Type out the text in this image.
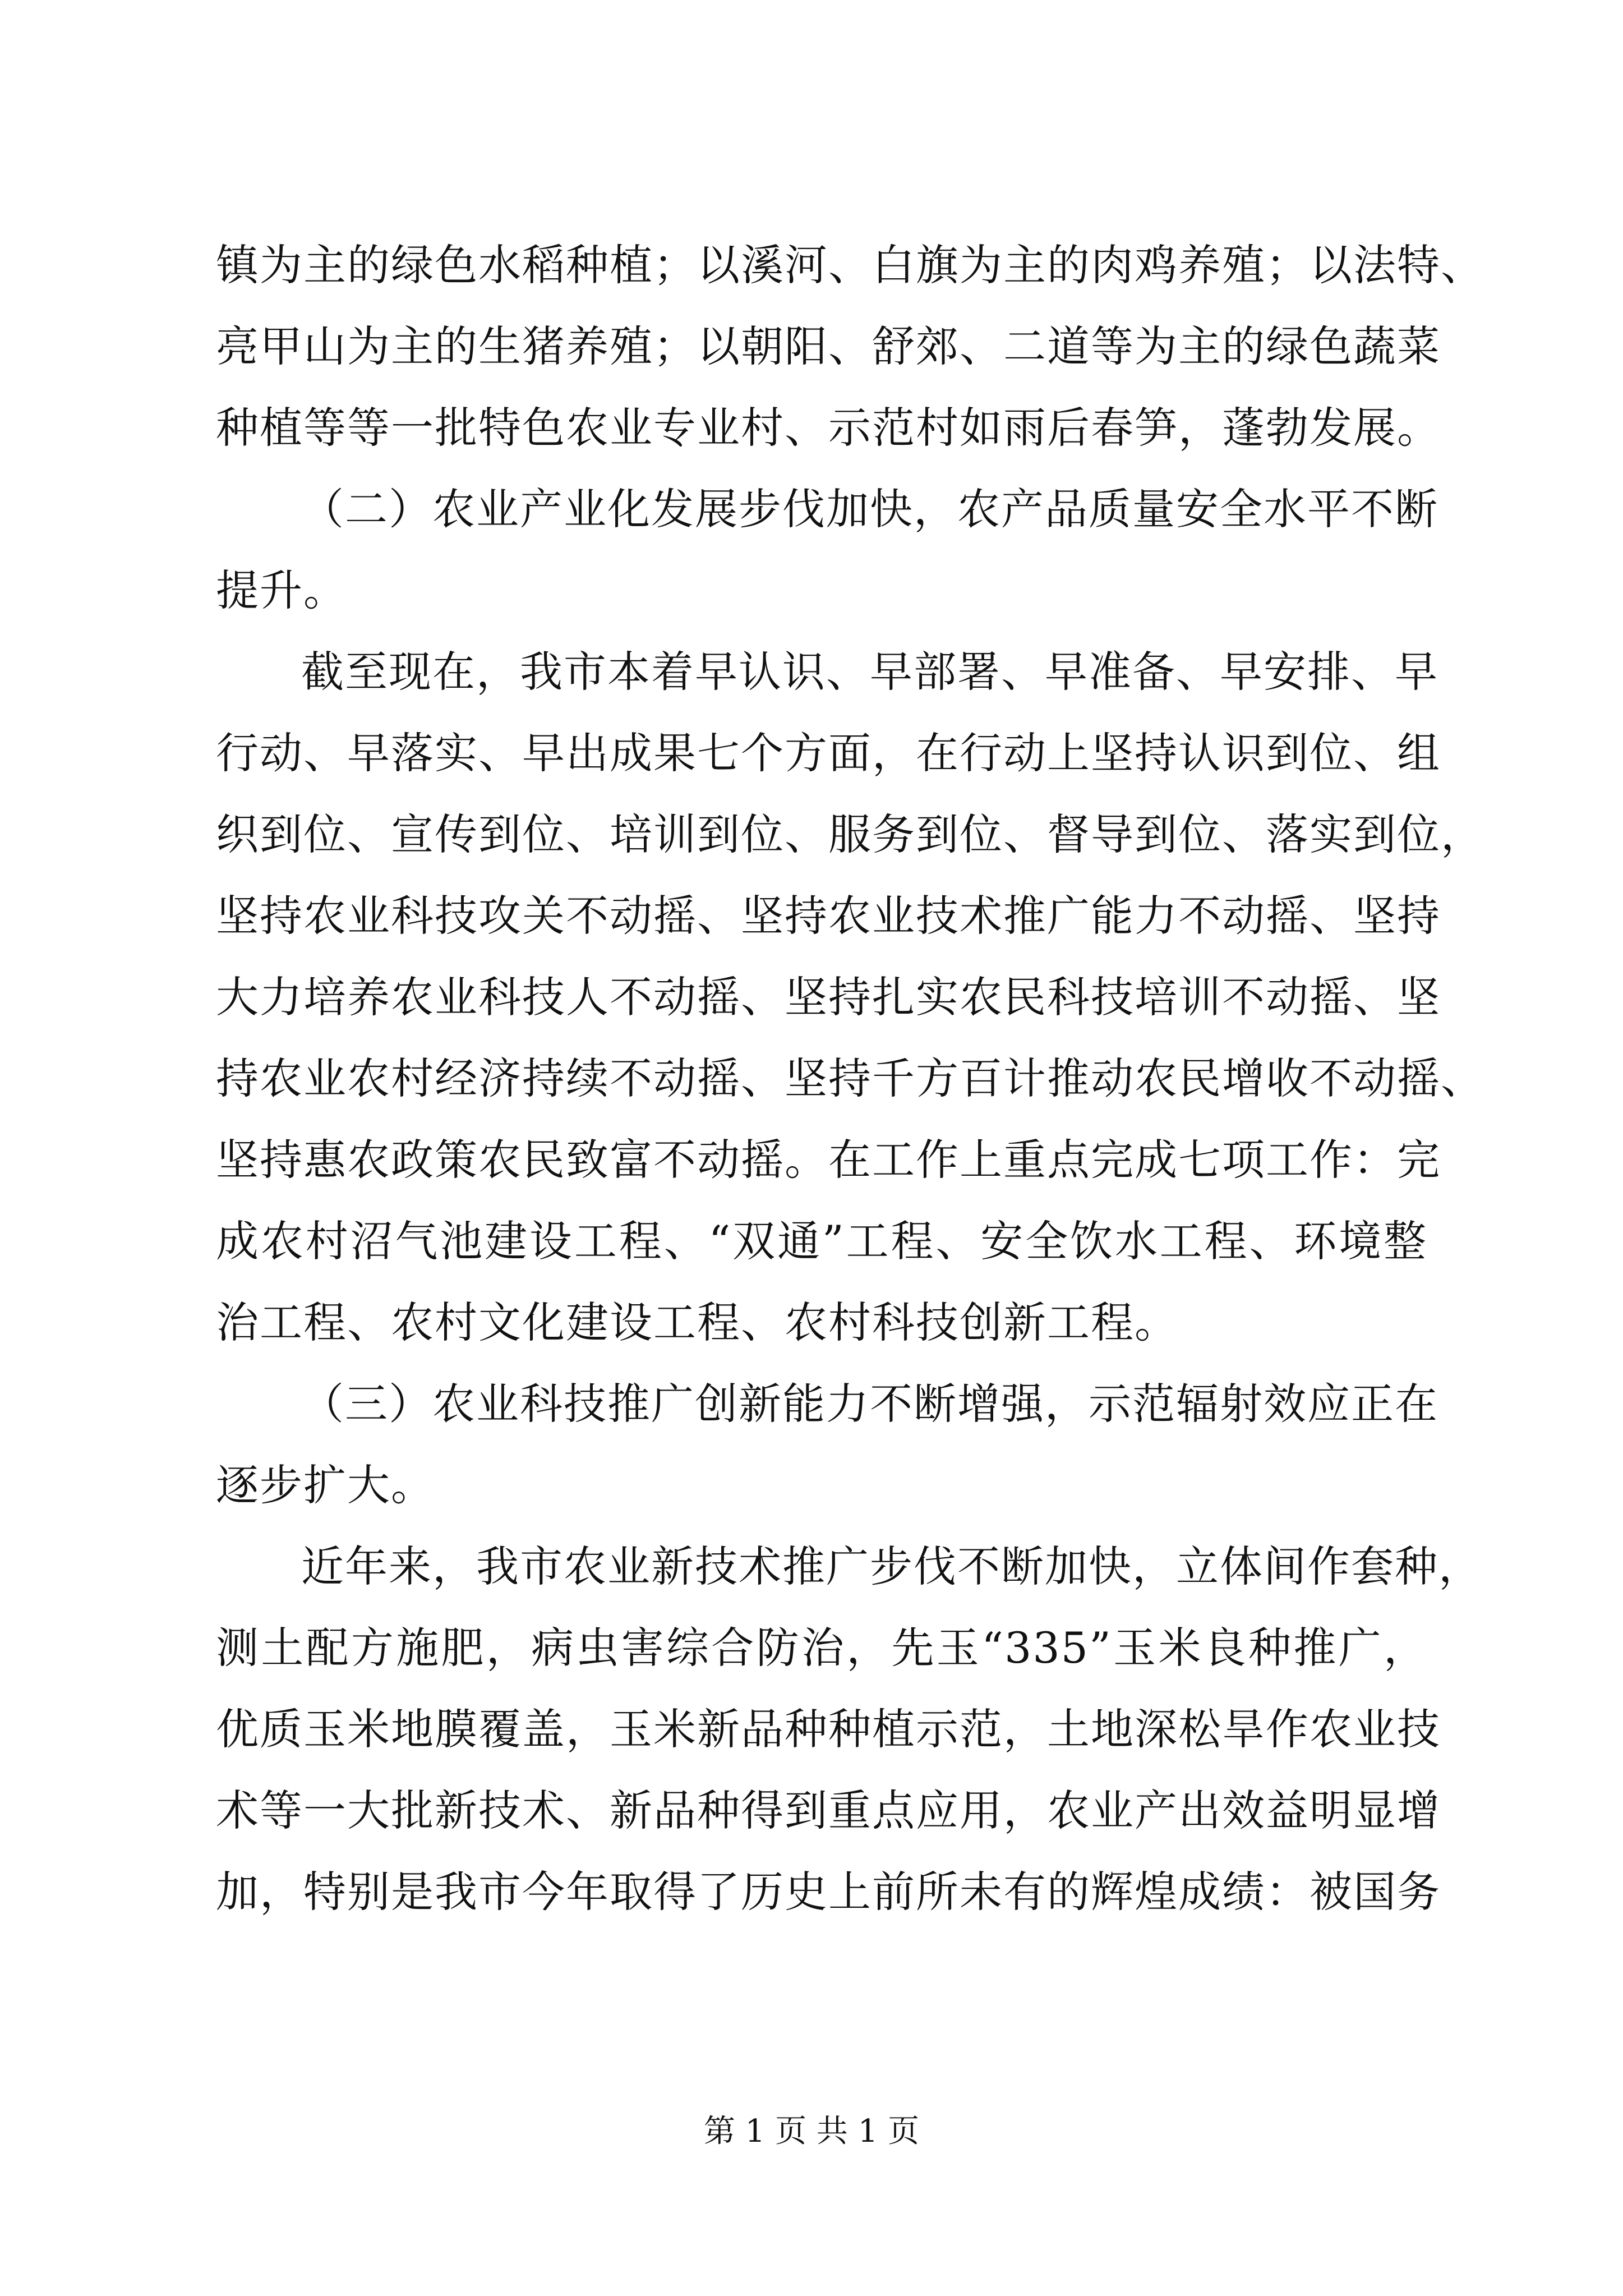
镇为主的绿色水稻种植；以溪河、白旗为主的肉鸡养殖；以法特、
亮甲山为主的生猪养殖；以朝阳、舒郊、二道等为主的绿色蔬菜
种植等等一批特色农业专业村、示范村如雨后春笋，蓬勃发展。
（二）农业产业化发展步伐加快，农产品质量安全水平不断
提升。
截至现在，我市本着早认识、早部署、早准备、早安排、早
行动、早落实、早出成果七个方面，在行动上坚持认识到位、组
织到位、宣传到位、培训到位、服务到位、督导到位、落实到位，
坚持农业科技攻关不动摇、坚持农业技术推广能力不动摇、坚持
大力培养农业科技人不动摇、坚持扎实农民科技培训不动摇、坚
持农业农村经济持续不动摇、坚持千方百计推动农民增收不动摇、
坚持惠农政策农民致富不动摇。在工作上重点完成七项工作：完
成农村沼气池建设工程、“双通”工程、安全饮水工程、环境整
治工程、农村文化建设工程、农村科技创新工程。
（三）农业科技推广创新能力不断增强，示范辐射效应正在
逐步扩大。
近年来，我市农业新技术推广步伐不断加快，立体间作套种，
测土配方施肥，病虫害综合防治，先玉“335”玉米良种推广，
优质玉米地膜覆盖，玉米新品种种植示范，土地深松旱作农业技
术等一大批新技术、新品种得到重点应用，农业产出效益明显增
加，特别是我市今年取得了历史上前所未有的辉煌成绩：被国务
第 1 页 共 1 页
